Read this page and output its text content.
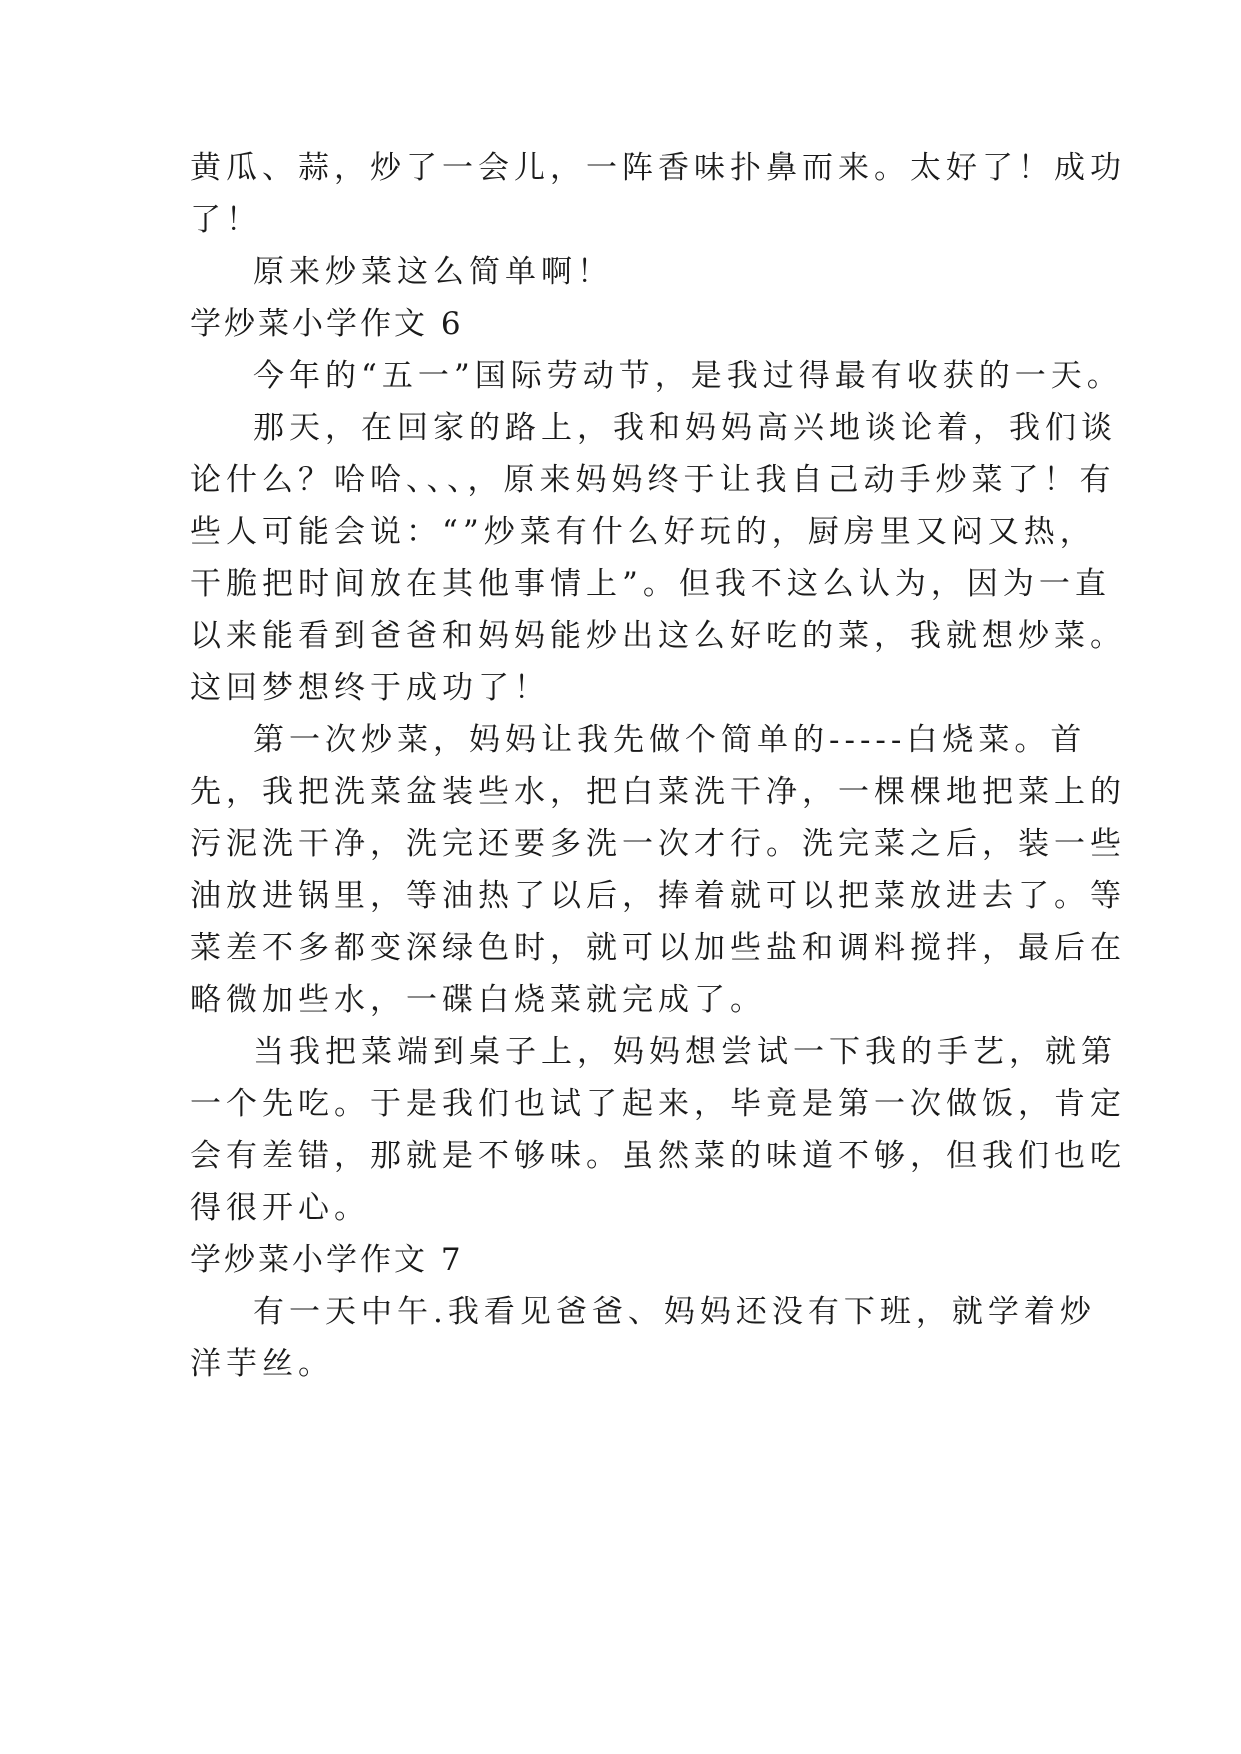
黄瓜、蒜，炒了一会儿，一阵香味扑鼻而来。太好了！成功

了！

原来炒菜这么简单啊！

学炒菜小学作文 6

今年的“五一”国际劳动节，是我过得最有收获的一天。

那天，在回家的路上，我和妈妈高兴地谈论着，我们谈

论什么？哈哈、、、，原来妈妈终于让我自己动手炒菜了！有

些人可能会说：“”炒菜有什么好玩的，厨房里又闷又热，

干脆把时间放在其他事情上”。但我不这么认为，因为一直

以来能看到爸爸和妈妈能炒出这么好吃的菜，我就想炒菜。

这回梦想终于成功了！

第一次炒菜，妈妈让我先做个简单的-----白烧菜。首

先，我把洗菜盆装些水，把白菜洗干净，一棵棵地把菜上的

污泥洗干净，洗完还要多洗一次才行。洗完菜之后，装一些

油放进锅里，等油热了以后，捧着就可以把菜放进去了。等

菜差不多都变深绿色时，就可以加些盐和调料搅拌，最后在

略微加些水，一碟白烧菜就完成了。

当我把菜端到桌子上，妈妈想尝试一下我的手艺，就第

一个先吃。于是我们也试了起来，毕竟是第一次做饭，肯定

会有差错，那就是不够味。虽然菜的味道不够，但我们也吃

得很开心。

学炒菜小学作文 7

有一天中午.我看见爸爸、妈妈还没有下班，就学着炒

洋芋丝。
